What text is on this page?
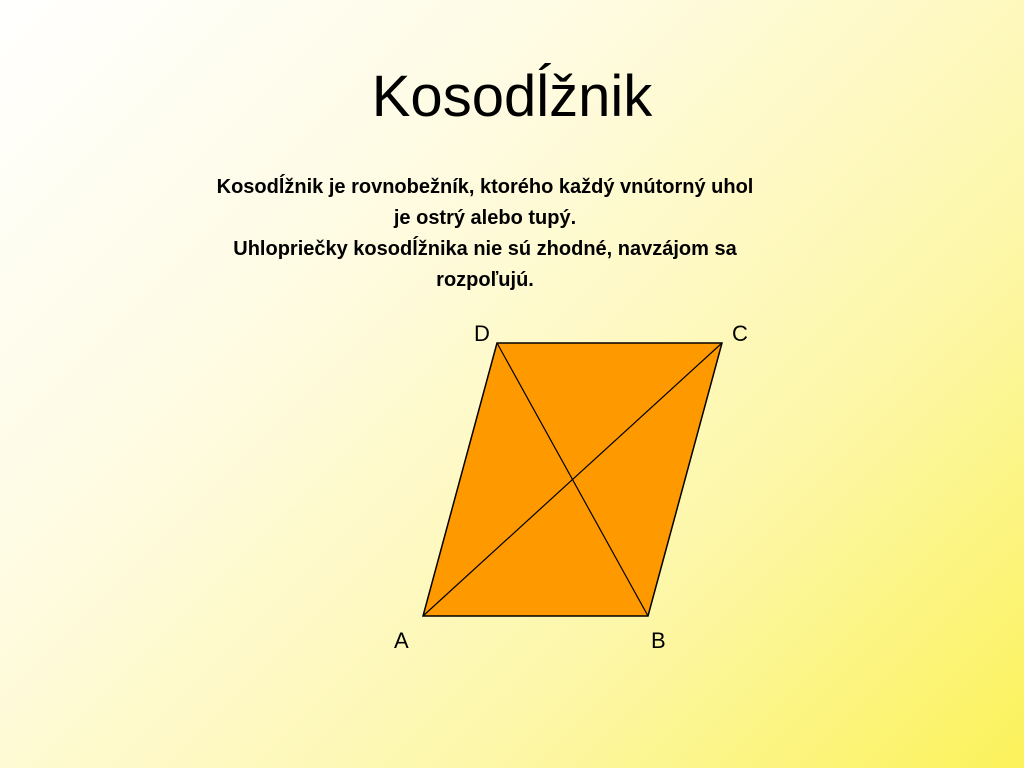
Kosodĺžnik
Kosodĺžnik je rovnobežník, ktorého každý vnútorný uhol
je ostrý alebo tupý.
Uhlopriečky kosodĺžnika nie sú zhodné, navzájom sa
rozpoľujú.
D	C
A	B
